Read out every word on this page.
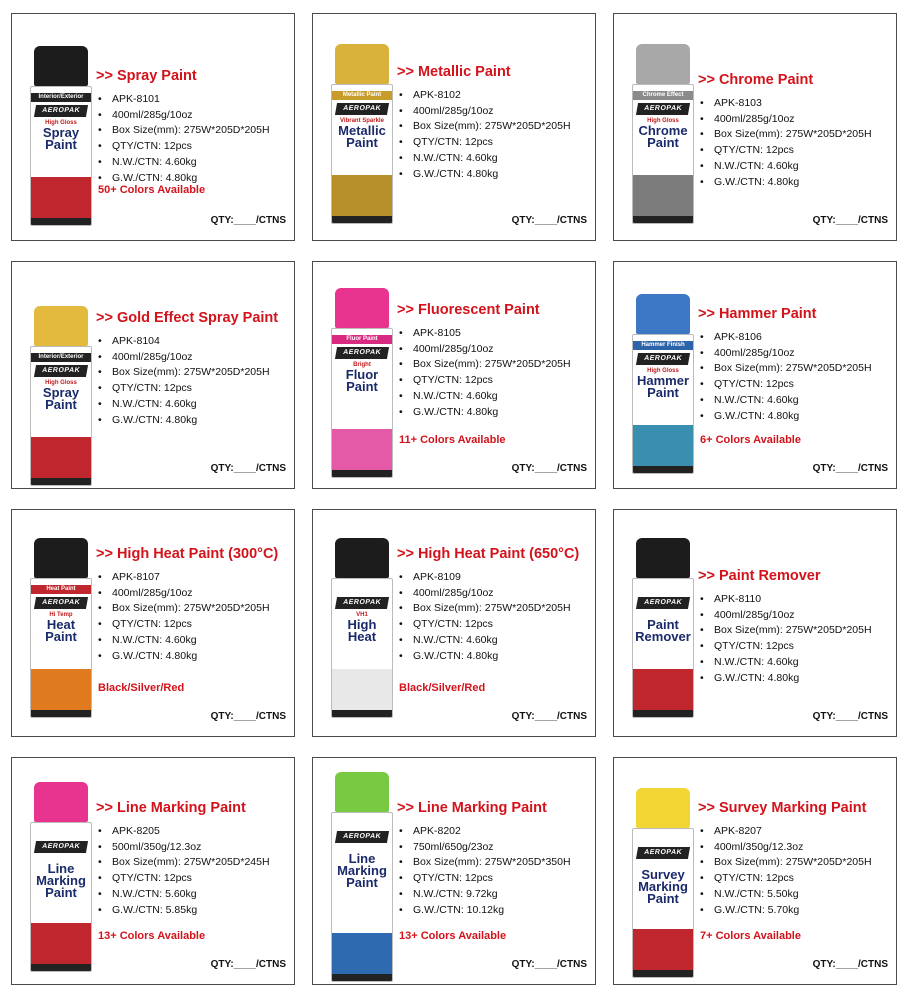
Interior/Exterior
AEROPAK
High Gloss
Spray Paint
>> Spray Paint
• APK-8101
• 400ml/285g/10oz
• Box Size(mm): 275W*205D*205H
• QTY/CTN: 12pcs
• N.W./CTN: 4.60kg
• G.W./CTN: 4.80kg
50+ Colors Available
QTY:____/CTNS
Metallic Paint
AEROPAK
Vibrant Sparkle
Metallic Paint
>> Metallic Paint
• APK-8102
• 400ml/285g/10oz
• Box Size(mm): 275W*205D*205H
• QTY/CTN: 12pcs
• N.W./CTN: 4.60kg
• G.W./CTN: 4.80kg
QTY:____/CTNS
Chrome Effect
AEROPAK
High Gloss
Chrome Paint
>> Chrome Paint
• APK-8103
• 400ml/285g/10oz
• Box Size(mm): 275W*205D*205H
• QTY/CTN: 12pcs
• N.W./CTN: 4.60kg
• G.W./CTN: 4.80kg
QTY:____/CTNS
Interior/Exterior
AEROPAK
High Gloss
Spray Paint
>> Gold Effect Spray Paint
• APK-8104
• 400ml/285g/10oz
• Box Size(mm): 275W*205D*205H
• QTY/CTN: 12pcs
• N.W./CTN: 4.60kg
• G.W./CTN: 4.80kg
QTY:____/CTNS
Fluor Paint
AEROPAK
Bright
Fluor Paint
>> Fluorescent Paint
• APK-8105
• 400ml/285g/10oz
• Box Size(mm): 275W*205D*205H
• QTY/CTN: 12pcs
• N.W./CTN: 4.60kg
• G.W./CTN: 4.80kg
11+ Colors Available
QTY:____/CTNS
Hammer Finish
AEROPAK
High Gloss
Hammer Paint
>> Hammer Paint
• APK-8106
• 400ml/285g/10oz
• Box Size(mm): 275W*205D*205H
• QTY/CTN: 12pcs
• N.W./CTN: 4.60kg
• G.W./CTN: 4.80kg
6+ Colors Available
QTY:____/CTNS
Heat Paint
AEROPAK
Hi Temp
Heat Paint
>> High Heat Paint (300°C)
• APK-8107
• 400ml/285g/10oz
• Box Size(mm): 275W*205D*205H
• QTY/CTN: 12pcs
• N.W./CTN: 4.60kg
• G.W./CTN: 4.80kg
Black/Silver/Red
QTY:____/CTNS
AEROPAK
VH1
High Heat
>> High Heat Paint (650°C)
• APK-8109
• 400ml/285g/10oz
• Box Size(mm): 275W*205D*205H
• QTY/CTN: 12pcs
• N.W./CTN: 4.60kg
• G.W./CTN: 4.80kg
Black/Silver/Red
QTY:____/CTNS
AEROPAK
Paint Remover
>> Paint Remover
• APK-8110
• 400ml/285g/10oz
• Box Size(mm): 275W*205D*205H
• QTY/CTN: 12pcs
• N.W./CTN: 4.60kg
• G.W./CTN: 4.80kg
QTY:____/CTNS
AEROPAK
Line Marking Paint
>> Line Marking Paint
• APK-8205
• 500ml/350g/12.3oz
• Box Size(mm): 275W*205D*245H
• QTY/CTN: 12pcs
• N.W./CTN: 5.60kg
• G.W./CTN: 5.85kg
13+ Colors Available
QTY:____/CTNS
AEROPAK
Line Marking Paint
>> Line Marking Paint
• APK-8202
• 750ml/650g/23oz
• Box Size(mm): 275W*205D*350H
• QTY/CTN: 12pcs
• N.W./CTN: 9.72kg
• G.W./CTN: 10.12kg
13+ Colors Available
QTY:____/CTNS
AEROPAK
Survey Marking Paint
>> Survey Marking Paint
• APK-8207
• 400ml/350g/12.3oz
• Box Size(mm): 275W*205D*205H
• QTY/CTN: 12pcs
• N.W./CTN: 5.50kg
• G.W./CTN: 5.70kg
7+ Colors Available
QTY:____/CTNS
